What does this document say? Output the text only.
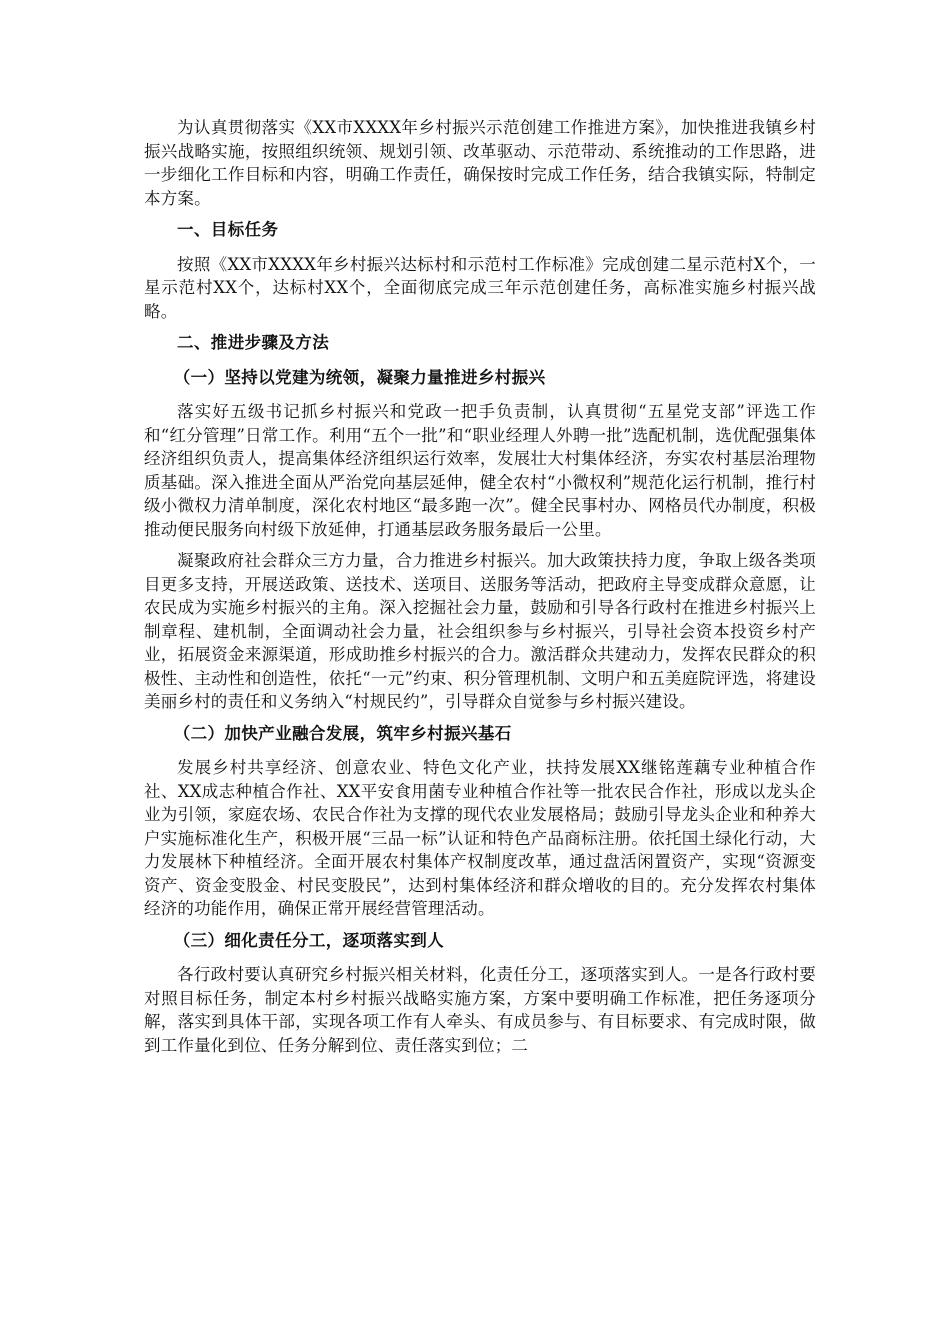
为认真贯彻落实《XX市XXXX年乡村振兴示范创建工作推进方案》，加快推进我镇乡村振兴战略实施，按照组织统领、规划引领、改革驱动、示范带动、系统推动的工作思路，进一步细化工作目标和内容，明确工作责任，确保按时完成工作任务，结合我镇实际，特制定本方案。

一、目标任务

按照《XX市XXXX年乡村振兴达标村和示范村工作标准》完成创建二星示范村X个，一星示范村XX个，达标村XX个，全面彻底完成三年示范创建任务，高标准实施乡村振兴战略。

二、推进步骤及方法
（一）坚持以党建为统领，凝聚力量推进乡村振兴

落实好五级书记抓乡村振兴和党政一把手负责制，认真贯彻“五星党支部”评选工作和“红分管理”日常工作。利用“五个一批”和“职业经理人外聘一批”选配机制，选优配强集体经济组织负责人，提高集体经济组织运行效率，发展壮大村集体经济，夯实农村基层治理物质基础。深入推进全面从严治党向基层延伸，健全农村“小微权利”规范化运行机制，推行村级小微权力清单制度，深化农村地区“最多跑一次”。健全民事村办、网格员代办制度，积极推动便民服务向村级下放延伸，打通基层政务服务最后一公里。

凝聚政府社会群众三方力量，合力推进乡村振兴。加大政策扶持力度，争取上级各类项目更多支持，开展送政策、送技术、送项目、送服务等活动，把政府主导变成群众意愿，让农民成为实施乡村振兴的主角。深入挖掘社会力量，鼓励和引导各行政村在推进乡村振兴上制章程、建机制，全面调动社会力量，社会组织参与乡村振兴，引导社会资本投资乡村产业，拓展资金来源渠道，形成助推乡村振兴的合力。激活群众共建动力，发挥农民群众的积极性、主动性和创造性，依托“一元”约束、积分管理机制、文明户和五美庭院评选，将建设美丽乡村的责任和义务纳入“村规民约”，引导群众自觉参与乡村振兴建设。

（二）加快产业融合发展，筑牢乡村振兴基石

发展乡村共享经济、创意农业、特色文化产业，扶持发展XX继铭莲藕专业种植合作社、XX成志种植合作社、XX平安食用菌专业种植合作社等一批农民合作社，形成以龙头企业为引领，家庭农场、农民合作社为支撑的现代农业发展格局；鼓励引导龙头企业和种养大户实施标准化生产，积极开展“三品一标”认证和特色产品商标注册。依托国土绿化行动，大力发展林下种植经济。全面开展农村集体产权制度改革，通过盘活闲置资产，实现“资源变资产、资金变股金、村民变股民”，达到村集体经济和群众增收的目的。充分发挥农村集体经济的功能作用，确保正常开展经营管理活动。

（三）细化责任分工，逐项落实到人

各行政村要认真研究乡村振兴相关材料，化责任分工，逐项落实到人。一是各行政村要对照目标任务，制定本村乡村振兴战略实施方案，方案中要明确工作标准，把任务逐项分解，落实到具体干部，实现各项工作有人牵头、有成员参与、有目标要求、有完成时限，做到工作量化到位、任务分解到位、责任落实到位；二
